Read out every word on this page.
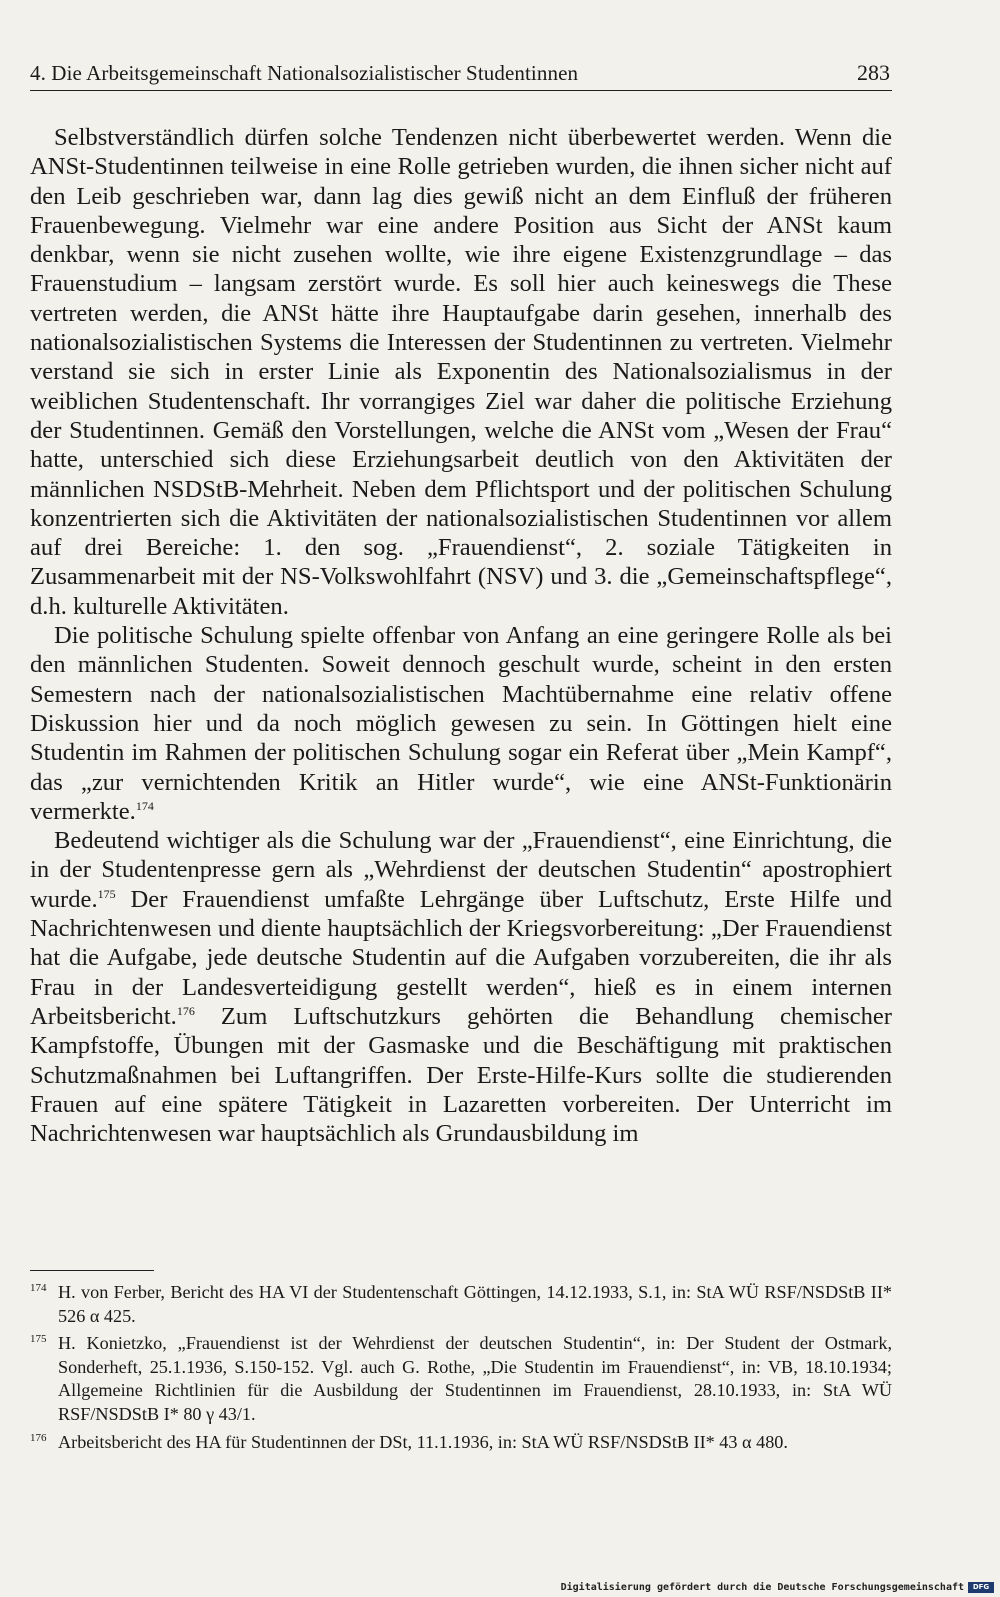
4. Die Arbeitsgemeinschaft Nationalsozialistischer Studentinnen	283

Selbstverständlich dürfen solche Tendenzen nicht überbewertet werden. Wenn die ANSt-Studentinnen teilweise in eine Rolle getrieben wurden, die ihnen sicher nicht auf den Leib geschrieben war, dann lag dies gewiß nicht an dem Einfluß der früheren Frauenbewegung. Vielmehr war eine andere Position aus Sicht der ANSt kaum denkbar, wenn sie nicht zusehen wollte, wie ihre eigene Existenzgrundlage – das Frauenstudium – langsam zerstört wurde. Es soll hier auch keineswegs die These vertreten werden, die ANSt hätte ihre Hauptaufgabe darin gesehen, innerhalb des nationalsozialistischen Systems die Interessen der Studentinnen zu vertreten. Vielmehr verstand sie sich in erster Linie als Exponentin des Nationalsozialismus in der weiblichen Studentenschaft. Ihr vorrangiges Ziel war daher die politische Erziehung der Studentinnen. Gemäß den Vorstellungen, welche die ANSt vom „Wesen der Frau“ hatte, unterschied sich diese Erziehungsarbeit deutlich von den Aktivitäten der männlichen NSDStB-Mehrheit. Neben dem Pflichtsport und der politischen Schulung konzentrierten sich die Aktivitäten der nationalsozialistischen Studentinnen vor allem auf drei Bereiche: 1. den sog. „Frauendienst“, 2. soziale Tätigkeiten in Zusammenarbeit mit der NS-Volkswohlfahrt (NSV) und 3. die „Gemeinschaftspflege“, d.h. kulturelle Aktivitäten.

Die politische Schulung spielte offenbar von Anfang an eine geringere Rolle als bei den männlichen Studenten. Soweit dennoch geschult wurde, scheint in den ersten Semestern nach der nationalsozialistischen Machtübernahme eine relativ offene Diskussion hier und da noch möglich gewesen zu sein. In Göttingen hielt eine Studentin im Rahmen der politischen Schulung sogar ein Referat über „Mein Kampf“, das „zur vernichtenden Kritik an Hitler wurde“, wie eine ANSt-Funktionärin vermerkte.$^{174}$

Bedeutend wichtiger als die Schulung war der „Frauendienst“, eine Einrichtung, die in der Studentenpresse gern als „Wehrdienst der deutschen Studentin“ apostrophiert wurde.$^{175}$ Der Frauendienst umfaßte Lehrgänge über Luftschutz, Erste Hilfe und Nachrichtenwesen und diente hauptsächlich der Kriegsvorbereitung: „Der Frauendienst hat die Aufgabe, jede deutsche Studentin auf die Aufgaben vorzubereiten, die ihr als Frau in der Landesverteidigung gestellt werden“, hieß es in einem internen Arbeitsbericht.$^{176}$ Zum Luftschutzkurs gehörten die Behandlung chemischer Kampfstoffe, Übungen mit der Gasmaske und die Beschäftigung mit praktischen Schutzmaßnahmen bei Luftangriffen. Der Erste-Hilfe-Kurs sollte die studierenden Frauen auf eine spätere Tätigkeit in Lazaretten vorbereiten. Der Unterricht im Nachrichtenwesen war hauptsächlich als Grundausbildung im

174 H. von Ferber, Bericht des HA VI der Studentenschaft Göttingen, 14.12.1933, S.1, in: StA WÜ RSF/NSDStB II* 526 α 425.
175 H. Konietzko, „Frauendienst ist der Wehrdienst der deutschen Studentin“, in: Der Student der Ostmark, Sonderheft, 25.1.1936, S.150-152. Vgl. auch G. Rothe, „Die Studentin im Frauendienst“, in: VB, 18.10.1934; Allgemeine Richtlinien für die Ausbildung der Studentinnen im Frauendienst, 28.10.1933, in: StA WÜ RSF/NSDStB I* 80 γ 43/1.
176 Arbeitsbericht des HA für Studentinnen der DSt, 11.1.1936, in: StA WÜ RSF/NSDStB II* 43 α 480.
Digitalisierung gefördert durch die Deutsche Forschungsgemeinschaft	DFG
